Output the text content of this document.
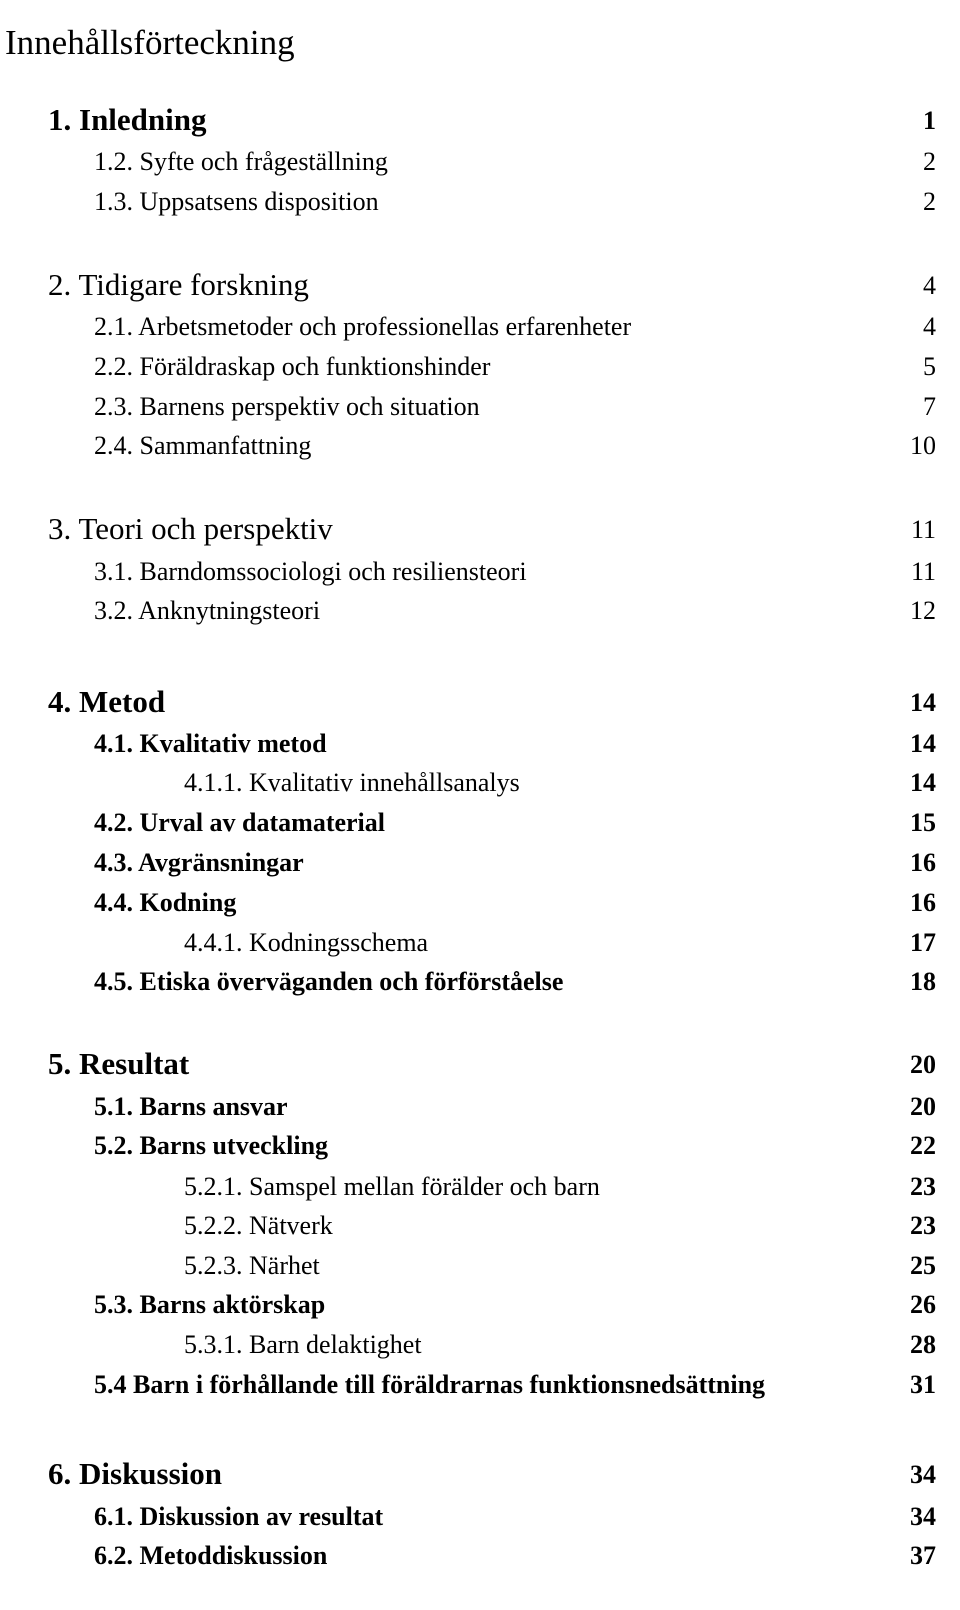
Innehållsförteckning
1. Inledning	1
1.2. Syfte och frågeställning	2
1.3. Uppsatsens disposition	2
2. Tidigare forskning	4
2.1. Arbetsmetoder och professionellas erfarenheter	4
2.2. Föräldraskap och funktionshinder	5
2.3. Barnens perspektiv och situation	7
2.4. Sammanfattning	10
3. Teori och perspektiv	11
3.1. Barndomssociologi och resiliensteori	11
3.2. Anknytningsteori	12
4. Metod	14
4.1. Kvalitativ metod	14
4.1.1. Kvalitativ innehållsanalys	14
4.2. Urval av datamaterial	15
4.3. Avgränsningar	16
4.4. Kodning	16
4.4.1. Kodningsschema	17
4.5. Etiska överväganden och förförståelse	18
5. Resultat	20
5.1. Barns ansvar	20
5.2. Barns utveckling	22
5.2.1. Samspel mellan förälder och barn	23
5.2.2. Nätverk	23
5.2.3. Närhet	25
5.3. Barns aktörskap	26
5.3.1. Barn delaktighet	28
5.4 Barn i förhållande till föräldrarnas funktionsnedsättning	31
6. Diskussion	34
6.1. Diskussion av resultat	34
6.2. Metoddiskussion	37
